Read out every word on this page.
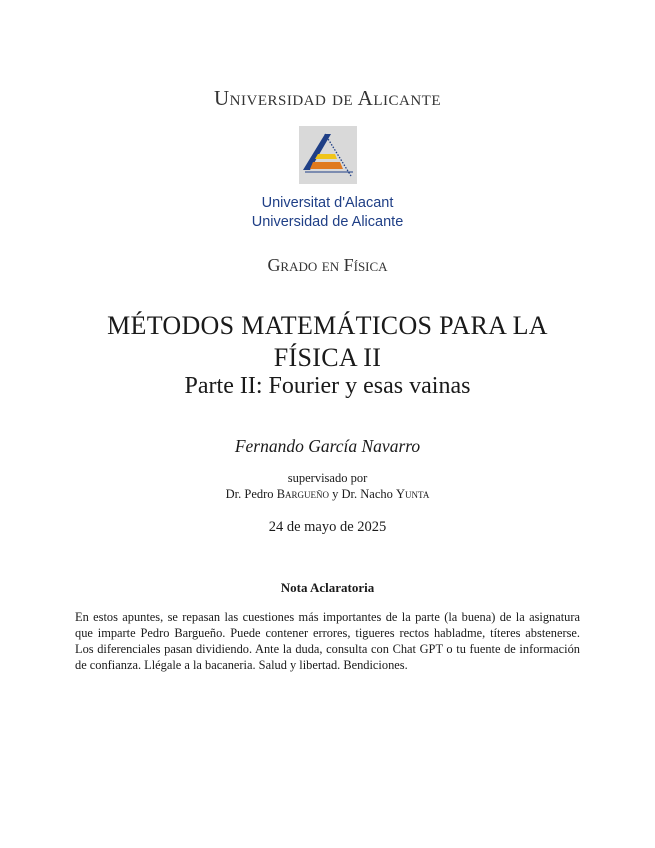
Universidad de Alicante
Universitat d'Alacant
Universidad de Alicante
Grado en Física
MÉTODOS MATEMÁTICOS PARA LA
FÍSICA II
Parte II: Fourier y esas vainas
Fernando García Navarro
supervisado por
Dr. Pedro Bargueño y Dr. Nacho Yunta
24 de mayo de 2025
Nota Aclaratoria
En estos apuntes, se repasan las cuestiones más importantes de la parte (la buena) de la asignatura que imparte Pedro Bargueño. Puede contener errores, tigueres rectos habladme, títeres abstenerse. Los diferenciales pasan dividiendo. Ante la duda, consulta con Chat GPT o tu fuente de información de confianza. Llégale a la bacaneria. Salud y libertad. Bendiciones.
